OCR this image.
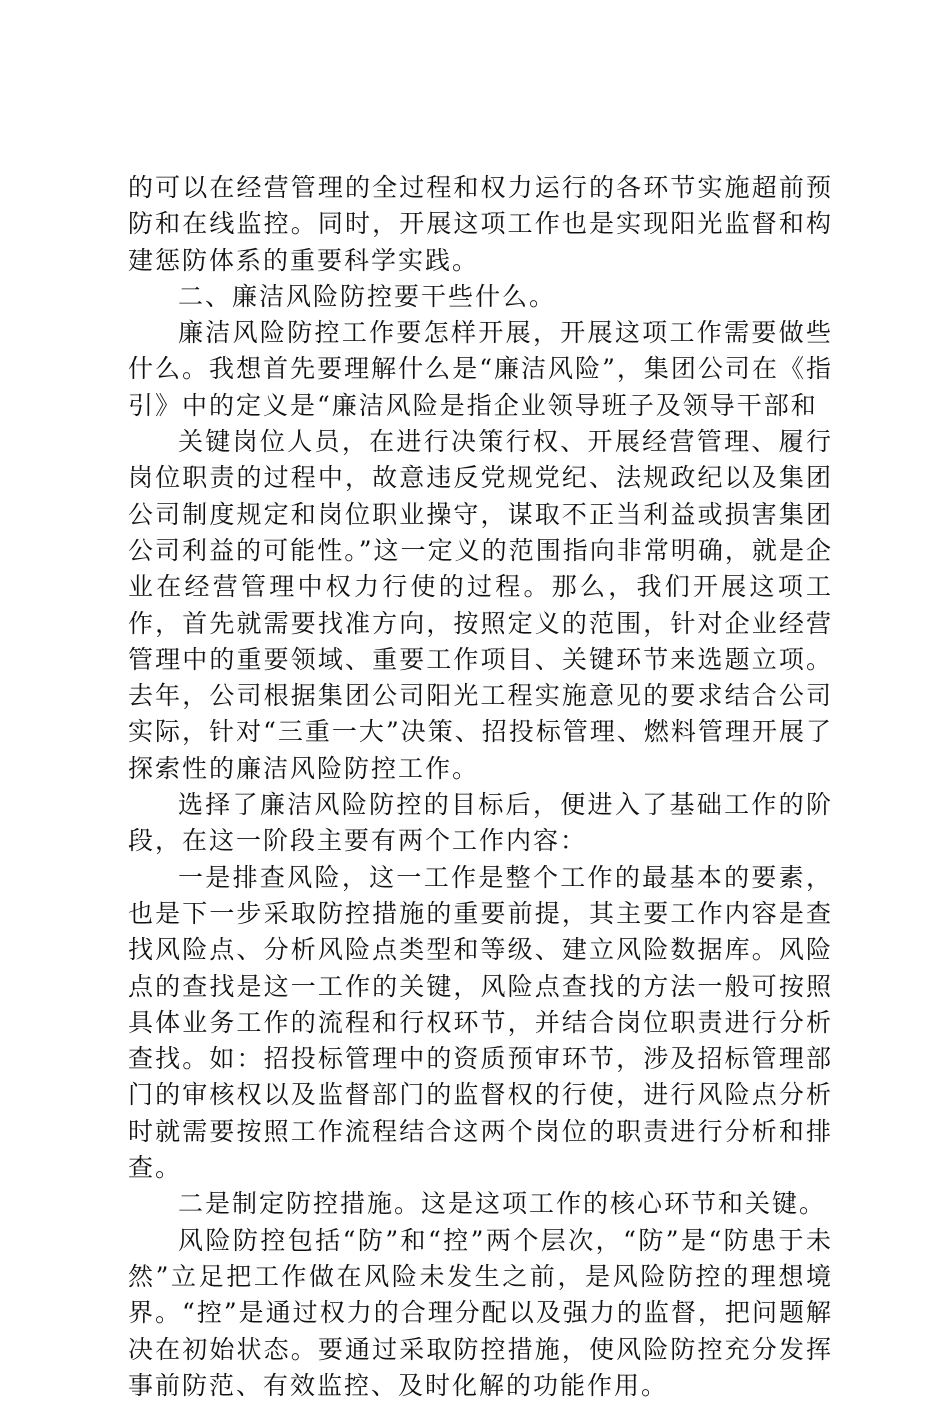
的可以在经营管理的全过程和权力运行的各环节实施超前预防和在线监控。同时，开展这项工作也是实现阳光监督和构建惩防体系的重要科学实践。

二、廉洁风险防控要干些什么。

廉洁风险防控工作要怎样开展，开展这项工作需要做些什么。我想首先要理解什么是“廉洁风险”，集团公司在《指引》中的定义是“廉洁风险是指企业领导班子及领导干部和

关键岗位人员，在进行决策行权、开展经营管理、履行岗位职责的过程中，故意违反党规党纪、法规政纪以及集团公司制度规定和岗位职业操守，谋取不正当利益或损害集团公司利益的可能性。”这一定义的范围指向非常明确，就是企业在经营管理中权力行使的过程。那么，我们开展这项工作，首先就需要找准方向，按照定义的范围，针对企业经营管理中的重要领域、重要工作项目、关键环节来选题立项。去年，公司根据集团公司阳光工程实施意见的要求结合公司实际，针对“三重一大”决策、招投标管理、燃料管理开展了探索性的廉洁风险防控工作。

选择了廉洁风险防控的目标后，便进入了基础工作的阶段，在这一阶段主要有两个工作内容：

一是排查风险，这一工作是整个工作的最基本的要素，也是下一步采取防控措施的重要前提，其主要工作内容是查找风险点、分析风险点类型和等级、建立风险数据库。风险点的查找是这一工作的关键，风险点查找的方法一般可按照具体业务工作的流程和行权环节，并结合岗位职责进行分析查找。如：招投标管理中的资质预审环节，涉及招标管理部门的审核权以及监督部门的监督权的行使，进行风险点分析时就需要按照工作流程结合这两个岗位的职责进行分析和排查。

二是制定防控措施。这是这项工作的核心环节和关键。

风险防控包括“防”和“控”两个层次，“防”是“防患于未然”立足把工作做在风险未发生之前，是风险防控的理想境界。“控”是通过权力的合理分配以及强力的监督，把问题解决在初始状态。要通过采取防控措施，使风险防控充分发挥事前防范、有效监控、及时化解的功能作用。
